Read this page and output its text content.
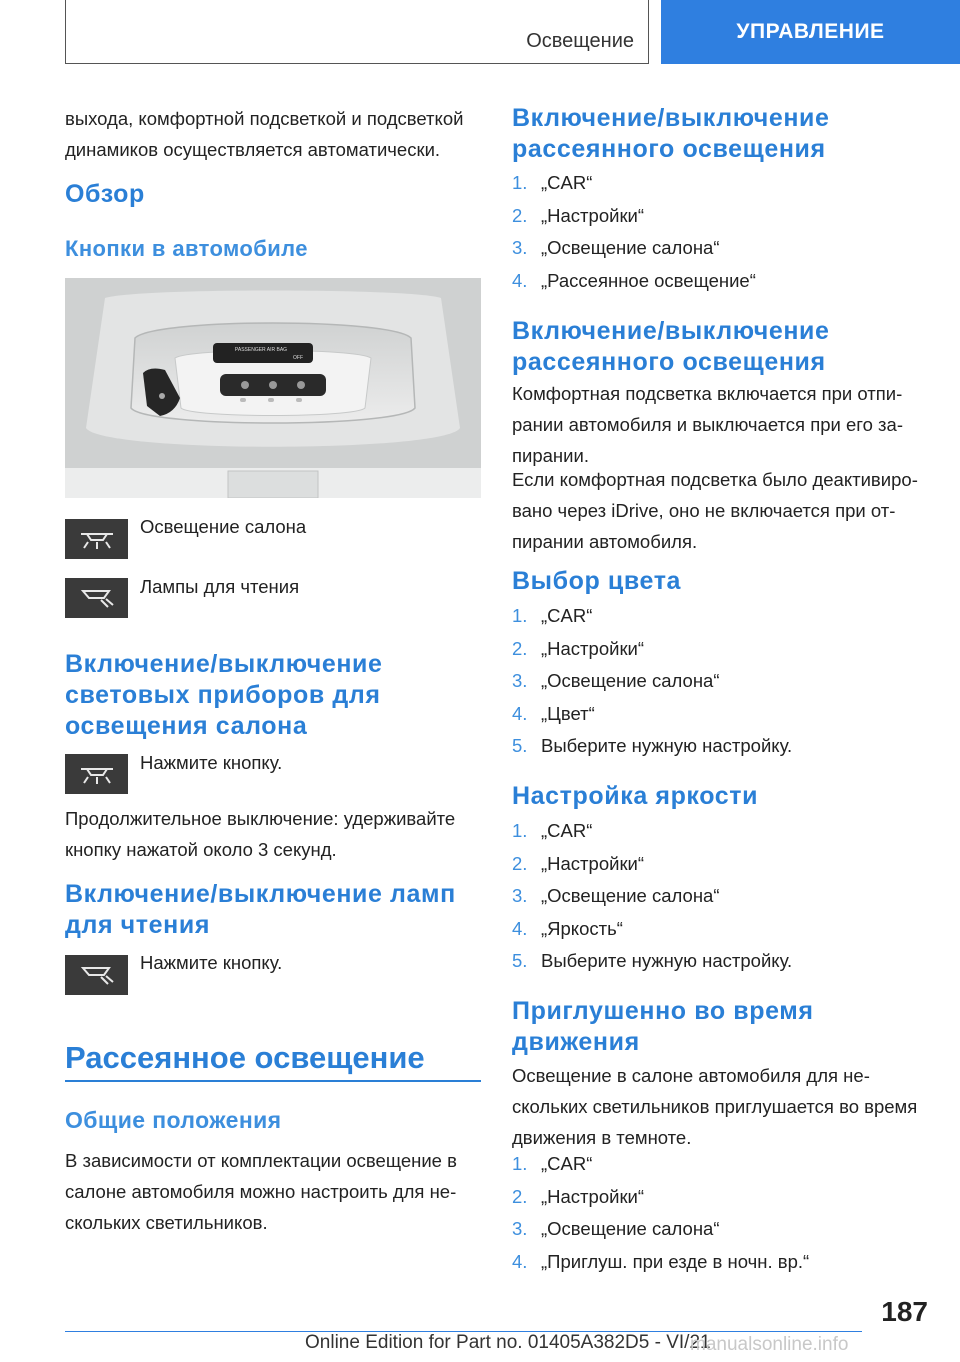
Освещение	УПРАВЛЕНИЕ

выхода, комфортной подсветкой и подсветкой динамиков осуществляется автоматически.

Обзор
Кнопки в автомобиле
PASSENGER AIR BAG
OFF
Освещение салона
Лампы для чтения
Включение/выключение световых приборов для освещения салона
Нажмите кнопку.

Продолжительное выключение: удерживайте кнопку нажатой около 3 секунд.

Включение/выключение ламп для чтения
Нажмите кнопку.
Рассеянное освещение
Общие положения

В зависимости от комплектации освещение в салоне автомобиля можно настроить для нескольких светильников.

Включение/выключение рассеянного освещения
1. „CAR“
2. „Настройки“
3. „Освещение салона“
4. „Рассеянное освещение“
Включение/выключение рассеянного освещения

Комфортная подсветка включается при отпирании автомобиля и выключается при его запирании.

Если комфортная подсветка было деактивировано через iDrive, оно не включается при отпирании автомобиля.

Выбор цвета
1. „CAR“
2. „Настройки“
3. „Освещение салона“
4. „Цвет“
5. Выберите нужную настройку.
Настройка яркости
1. „CAR“
2. „Настройки“
3. „Освещение салона“
4. „Яркость“
5. Выберите нужную настройку.
Приглушенно во время движения

Освещение в салоне автомобиля для нескольких светильников приглушается во время движения в темноте.

1. „CAR“
2. „Настройки“
3. „Освещение салона“
4. „Приглуш. при езде в ночн. вр.“
187
Online Edition for Part no. 01405A382D5 - VI/21
manualsonline.info
